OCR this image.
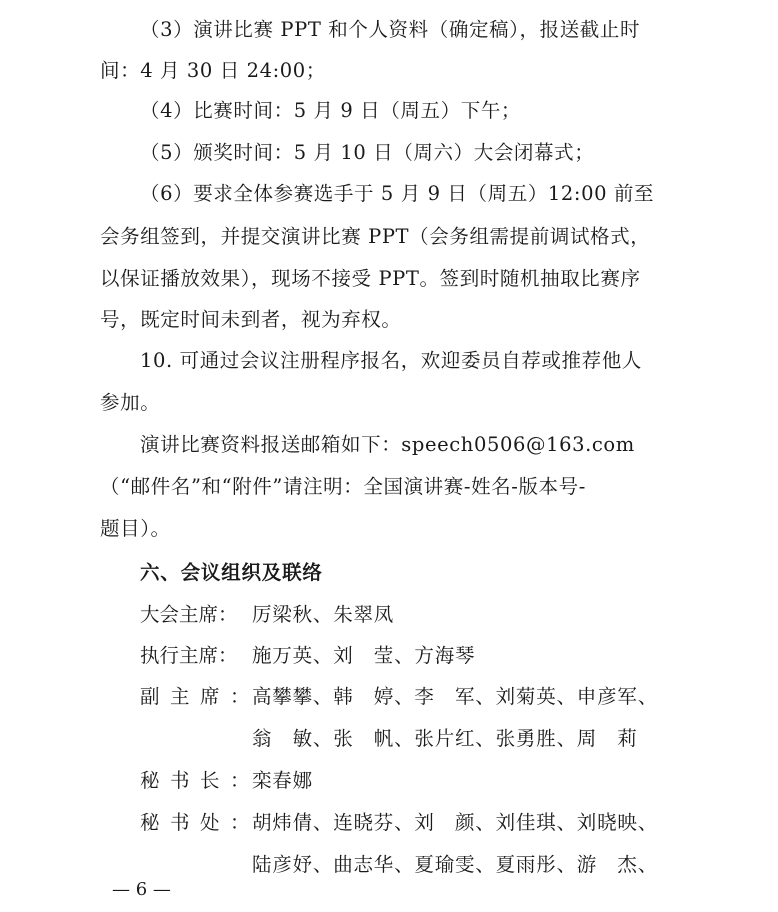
（3）演讲比赛 PPT 和个人资料（确定稿），报送截止时
间：4 月 30 日 24:00；
（4）比赛时间：5 月 9 日（周五）下午；
（5）颁奖时间：5 月 10 日（周六）大会闭幕式；
（6）要求全体参赛选手于 5 月 9 日（周五）12:00 前至
会务组签到，并提交演讲比赛 PPT（会务组需提前调试格式，
以保证播放效果），现场不接受 PPT。签到时随机抽取比赛序
号，既定时间未到者，视为弃权。
10. 可通过会议注册程序报名，欢迎委员自荐或推荐他人
参加。
演讲比赛资料报送邮箱如下：speech0506@163.com
（“邮件名”和“附件”请注明：全国演讲赛-姓名-版本号-
题目）。
六、会议组织及联络
大会主席： 厉梁秋、朱翠凤
执行主席： 施万英、刘　莹、方海琴
副主席：
高攀攀、韩　婷、李　军、刘菊英、申彦军、
翁　敏、张　帆、张片红、张勇胜、周　莉
秘书长：
栾春娜
秘书处：
胡炜倩、连晓芬、刘　颜、刘佳琪、刘晓映、
陆彦妤、曲志华、夏瑜雯、夏雨彤、游　杰、
— 6 —
